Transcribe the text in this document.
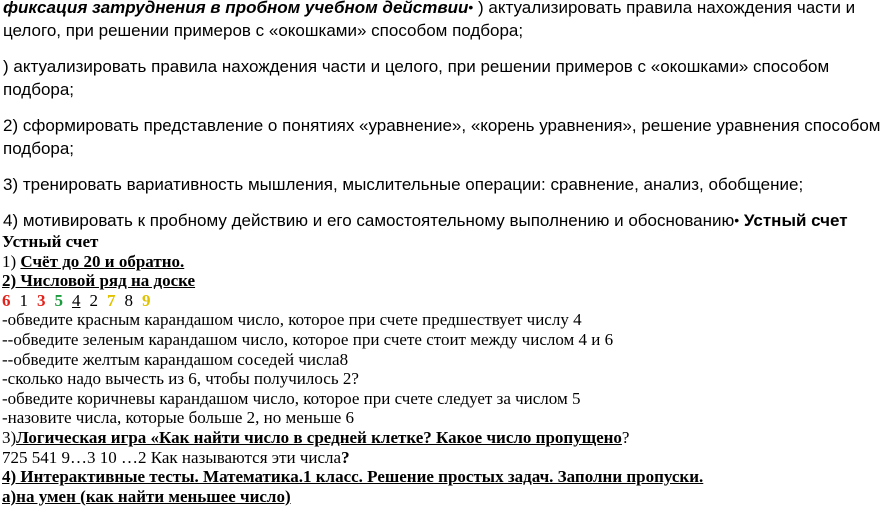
фиксация затруднения в пробном учебном действии• ) актуализировать правила нахождения части и
целого, при решении примеров с «окошками» способом подбора;
) актуализировать правила нахождения части и целого, при решении примеров с «окошками» способом
подбора;
2) сформировать представление о понятиях «уравнение», «корень уравнения», решение уравнения способом
подбора;
3) тренировать вариативность мышления, мыслительные операции: сравнение, анализ, обобщение;
4) мотивировать к пробному действию и его самостоятельному выполнению и обоснованию• Устный счет
Устный счет
1) Счёт до 20 и обратно.
2) Числовой ряд на доске
6 1 3 5 4 2 7 8 9
-обведите красным карандашом число, которое при счете предшествует числу 4
--обведите зеленым карандашом число, которое при счете стоит между числом 4 и 6
--обведите желтым карандашом соседей числа8
-сколько надо вычесть из 6, чтобы получилось 2?
-обведите коричневы карандашом число, которое при счете следует за числом 5
-назовите числа, которые больше 2, но меньше 6
3)Логическая игра «Как найти число в средней клетке? Какое число пропущено?
725 541 9…3 10 …2 Как называются эти числа?
4) Интерактивные тесты. Математика.1 класс. Решение простых задач. Заполни пропуски.
а)на умен (как найти меньшее число)
